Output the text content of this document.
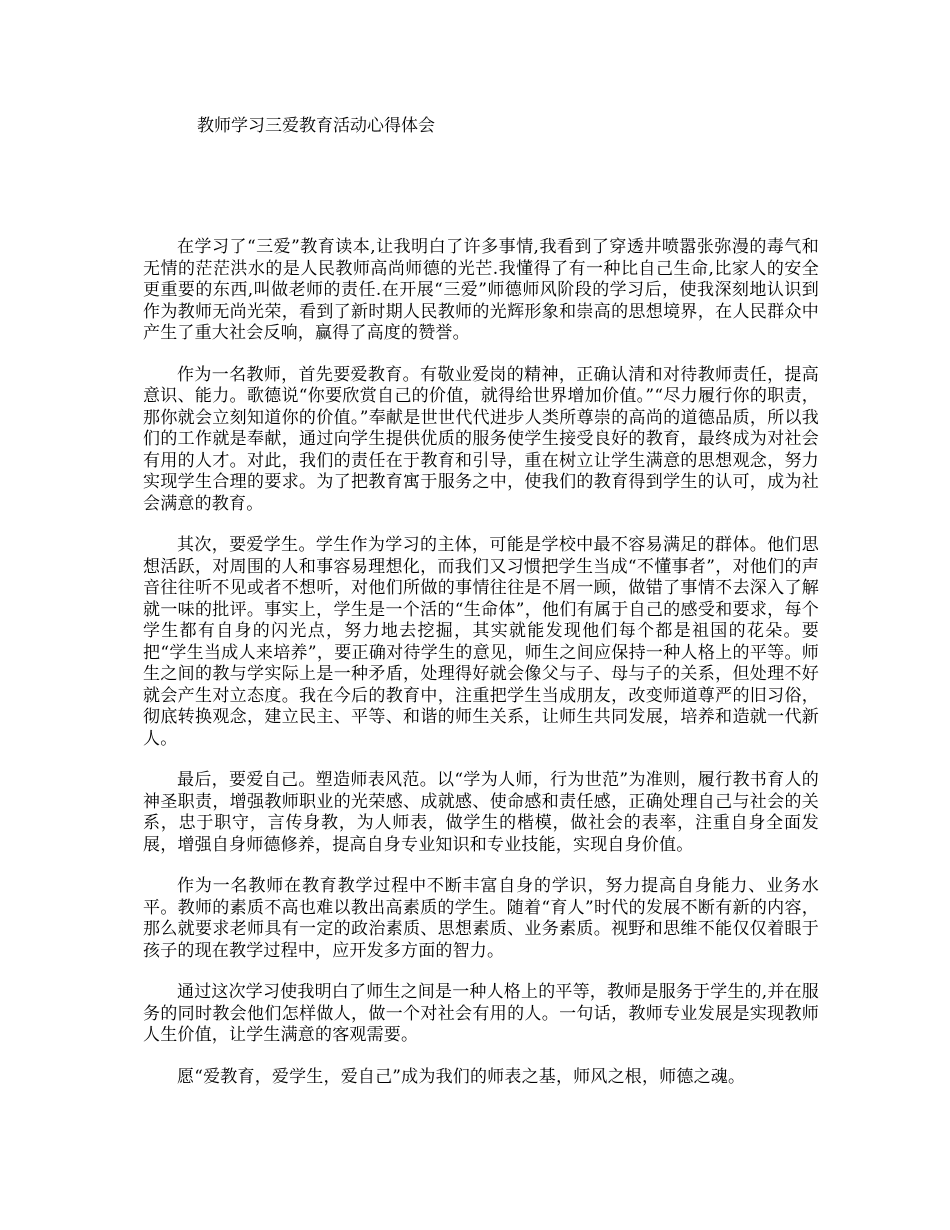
教师学习三爱教育活动心得体会

在学习了“三爱”教育读本,让我明白了许多事情,我看到了穿透井喷嚣张弥漫的毒气和无情的茫茫洪水的是人民教师高尚师德的光芒.我懂得了有一种比自己生命,比家人的安全更重要的东西,叫做老师的责任.在开展“三爱”师德师风阶段的学习后，使我深刻地认识到作为教师无尚光荣，看到了新时期人民教师的光辉形象和崇高的思想境界，在人民群众中产生了重大社会反响，赢得了高度的赞誉。

作为一名教师，首先要爱教育。有敬业爱岗的精神，正确认清和对待教师责任，提高意识、能力。歌德说“你要欣赏自己的价值，就得给世界增加价值。”“尽力履行你的职责，那你就会立刻知道你的价值。”奉献是世世代代进步人类所尊崇的高尚的道德品质，所以我们的工作就是奉献，通过向学生提供优质的服务使学生接受良好的教育，最终成为对社会有用的人才。对此，我们的责任在于教育和引导，重在树立让学生满意的思想观念，努力实现学生合理的要求。为了把教育寓于服务之中，使我们的教育得到学生的认可，成为社会满意的教育。

其次，要爱学生。学生作为学习的主体，可能是学校中最不容易满足的群体。他们思想活跃，对周围的人和事容易理想化，而我们又习惯把学生当成“不懂事者”，对他们的声音往往听不见或者不想听，对他们所做的事情往往是不屑一顾，做错了事情不去深入了解就一味的批评。事实上，学生是一个活的“生命体”，他们有属于自己的感受和要求，每个学生都有自身的闪光点，努力地去挖掘，其实就能发现他们每个都是祖国的花朵。要把“学生当成人来培养”，要正确对待学生的意见，师生之间应保持一种人格上的平等。师生之间的教与学实际上是一种矛盾，处理得好就会像父与子、母与子的关系，但处理不好就会产生对立态度。我在今后的教育中，注重把学生当成朋友，改变师道尊严的旧习俗，彻底转换观念，建立民主、平等、和谐的师生关系，让师生共同发展，培养和造就一代新人。

最后，要爱自己。塑造师表风范。以“学为人师，行为世范”为准则，履行教书育人的神圣职责，增强教师职业的光荣感、成就感、使命感和责任感，正确处理自己与社会的关系，忠于职守，言传身教，为人师表，做学生的楷模，做社会的表率，注重自身全面发展，增强自身师德修养，提高自身专业知识和专业技能，实现自身价值。

作为一名教师在教育教学过程中不断丰富自身的学识，努力提高自身能力、业务水平。教师的素质不高也难以教出高素质的学生。随着“育人”时代的发展不断有新的内容，那么就要求老师具有一定的政治素质、思想素质、业务素质。视野和思维不能仅仅着眼于孩子的现在教学过程中，应开发多方面的智力。

通过这次学习使我明白了师生之间是一种人格上的平等，教师是服务于学生的,并在服务的同时教会他们怎样做人，做一个对社会有用的人。一句话，教师专业发展是实现教师人生价值，让学生满意的客观需要。

愿“爱教育，爱学生，爱自己”成为我们的师表之基，师风之根，师德之魂。
